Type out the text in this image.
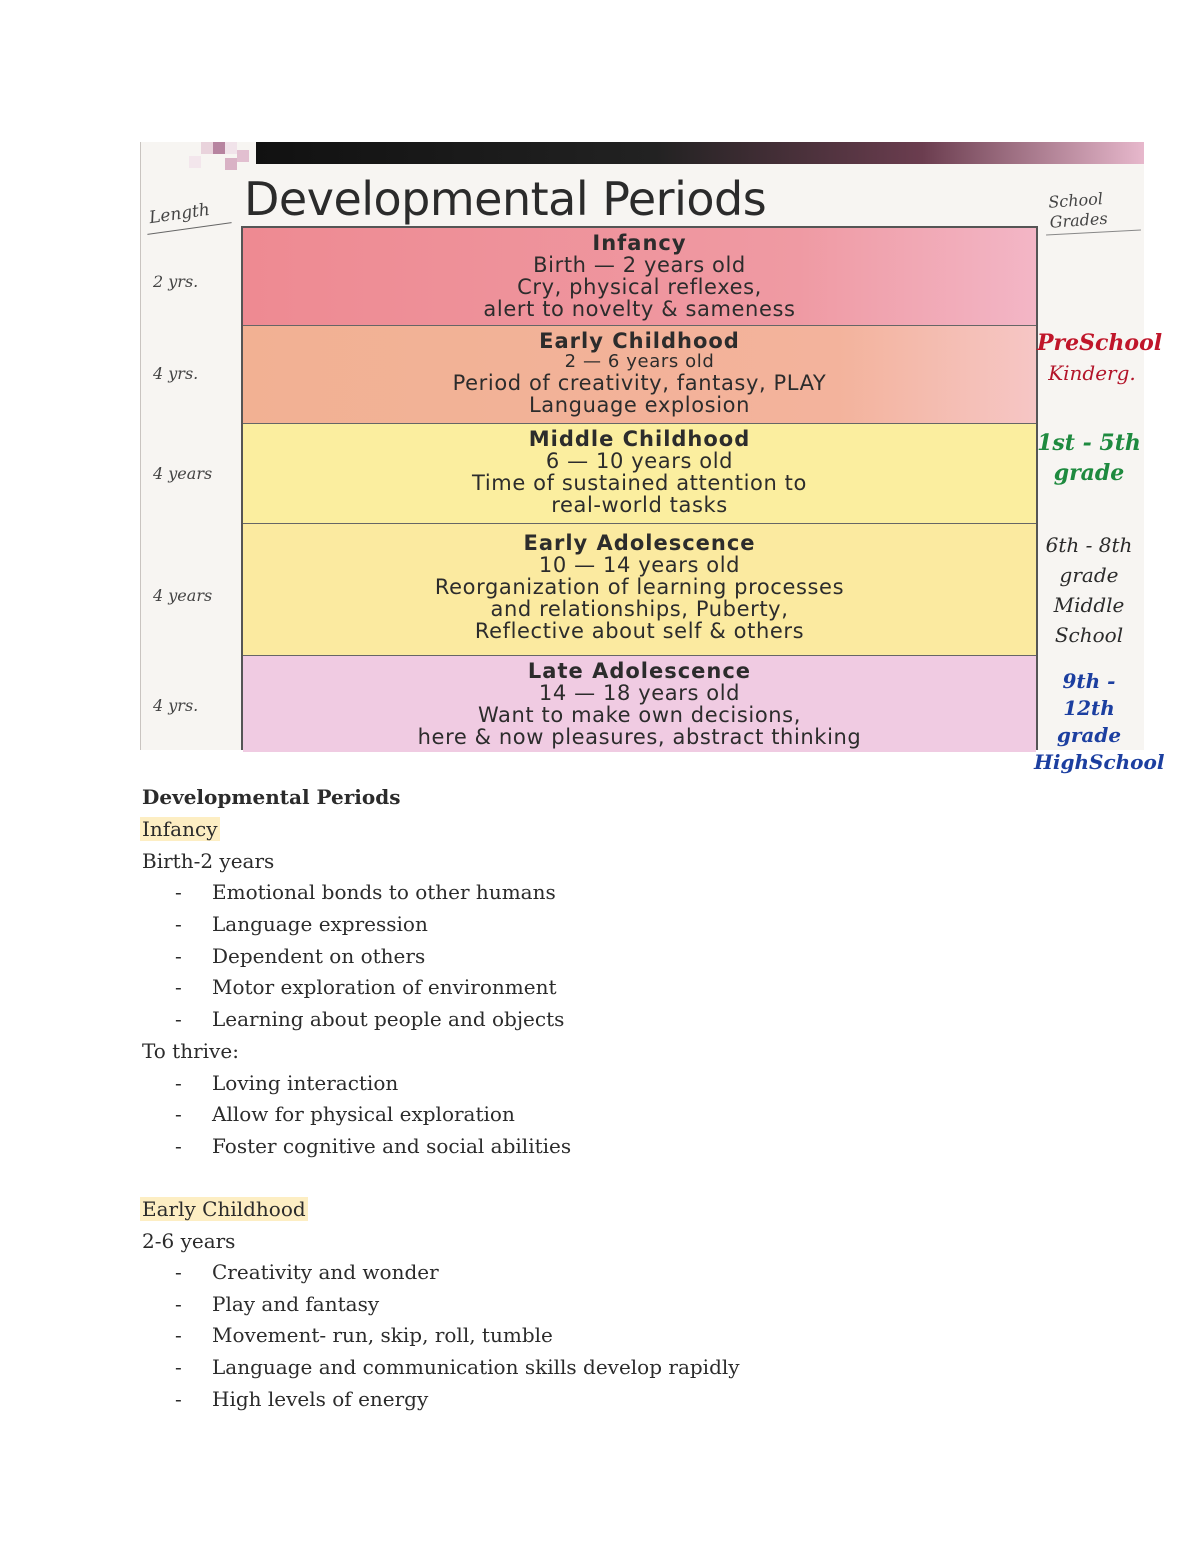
Developmental Periods
Length	School Grades
Infancy
Birth — 2 years old
Cry, physical reflexes,
alert to novelty & sameness
Early Childhood
2 — 6 years old
Period of creativity, fantasy, PLAY
Language explosion
Middle Childhood
6 — 10 years old
Time of sustained attention to
real-world tasks
Early Adolescence
10 — 14 years old
Reorganization of learning processes
and relationships, Puberty,
Reflective about self & others
Late Adolescence
14 — 18 years old
Want to make own decisions,
here & now pleasures, abstract thinking
2 yrs.
4 yrs.
4 years
4 years
4 yrs.
PreSchool
Kinderg.
1st - 5th
grade
6th - 8th
grade
Middle
School
9th - 12th
grade
HighSchool
Developmental Periods
Infancy
Birth-2 years
- Emotional bonds to other humans
- Language expression
- Dependent on others
- Motor exploration of environment
- Learning about people and objects
To thrive:
- Loving interaction
- Allow for physical exploration
- Foster cognitive and social abilities
Early Childhood
2-6 years
- Creativity and wonder
- Play and fantasy
- Movement- run, skip, roll, tumble
- Language and communication skills develop rapidly
- High levels of energy
